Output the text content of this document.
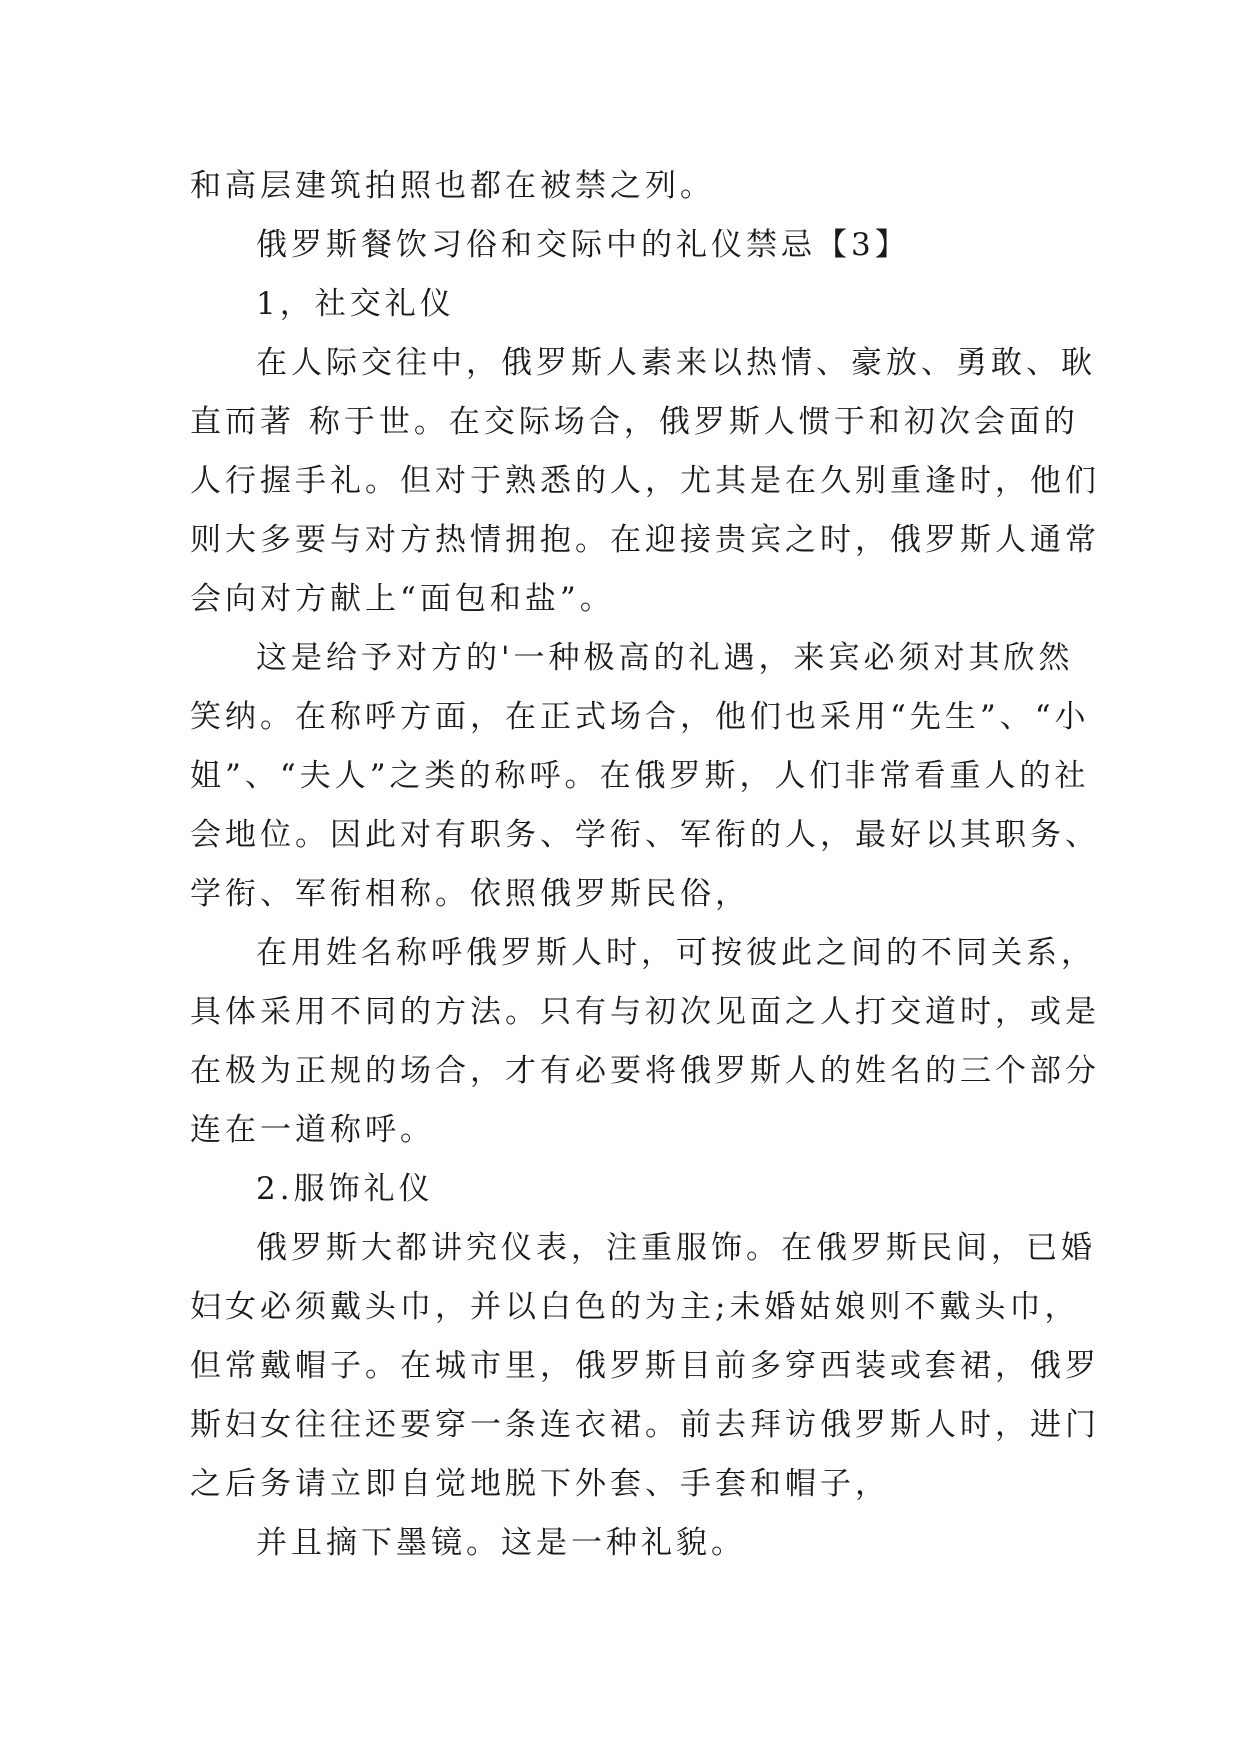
和高层建筑拍照也都在被禁之列。
俄罗斯餐饮习俗和交际中的礼仪禁忌【3】
1，社交礼仪
在人际交往中，俄罗斯人素来以热情、豪放、勇敢、耿
直而著 称于世。在交际场合，俄罗斯人惯于和初次会面的
人行握手礼。但对于熟悉的人，尤其是在久别重逢时，他们
则大多要与对方热情拥抱。在迎接贵宾之时，俄罗斯人通常
会向对方献上“面包和盐”。
这是给予对方的'一种极高的礼遇，来宾必须对其欣然
笑纳。在称呼方面，在正式场合，他们也采用“先生”、“小
姐”、“夫人”之类的称呼。在俄罗斯，人们非常看重人的社
会地位。因此对有职务、学衔、军衔的人，最好以其职务、
学衔、军衔相称。依照俄罗斯民俗，
在用姓名称呼俄罗斯人时，可按彼此之间的不同关系，
具体采用不同的方法。只有与初次见面之人打交道时，或是
在极为正规的场合，才有必要将俄罗斯人的姓名的三个部分
连在一道称呼。
2.服饰礼仪
俄罗斯大都讲究仪表，注重服饰。在俄罗斯民间，已婚
妇女必须戴头巾，并以白色的为主;未婚姑娘则不戴头巾，
但常戴帽子。在城市里，俄罗斯目前多穿西装或套裙，俄罗
斯妇女往往还要穿一条连衣裙。前去拜访俄罗斯人时，进门
之后务请立即自觉地脱下外套、手套和帽子，
并且摘下墨镜。这是一种礼貌。
